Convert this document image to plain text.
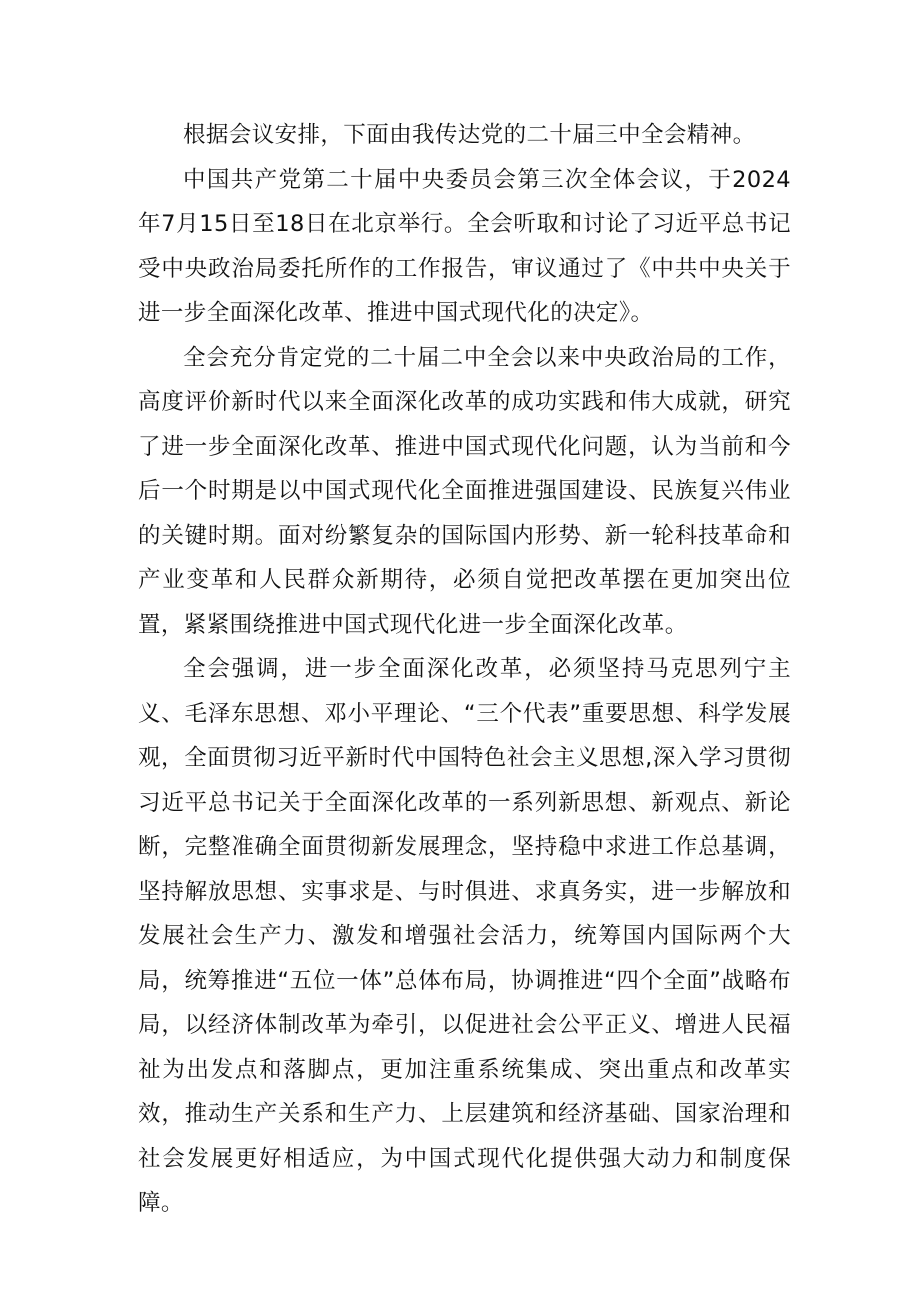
根据会议安排，下面由我传达党的二十届三中全会精神。

中国共产党第二十届中央委员会第三次全体会议，于2024年7月15日至18日在北京举行。全会听取和讨论了习近平总书记受中央政治局委托所作的工作报告，审议通过了《中共中央关于进一步全面深化改革、推进中国式现代化的决定》。

全会充分肯定党的二十届二中全会以来中央政治局的工作，高度评价新时代以来全面深化改革的成功实践和伟大成就，研究了进一步全面深化改革、推进中国式现代化问题，认为当前和今后一个时期是以中国式现代化全面推进强国建设、民族复兴伟业的关键时期。面对纷繁复杂的国际国内形势、新一轮科技革命和产业变革和人民群众新期待，必须自觉把改革摆在更加突出位置，紧紧围绕推进中国式现代化进一步全面深化改革。

全会强调，进一步全面深化改革，必须坚持马克思列宁主义、毛泽东思想、邓小平理论、“三个代表”重要思想、科学发展观，全面贯彻习近平新时代中国特色社会主义思想,深入学习贯彻习近平总书记关于全面深化改革的一系列新思想、新观点、新论断，完整准确全面贯彻新发展理念，坚持稳中求进工作总基调，坚持解放思想、实事求是、与时俱进、求真务实，进一步解放和发展社会生产力、激发和增强社会活力，统筹国内国际两个大局，统筹推进“五位一体”总体布局，协调推进“四个全面”战略布局，以经济体制改革为牵引，以促进社会公平正义、增进人民福祉为出发点和落脚点，更加注重系统集成、突出重点和改革实效，推动生产关系和生产力、上层建筑和经济基础、国家治理和社会发展更好相适应，为中国式现代化提供强大动力和制度保障。
